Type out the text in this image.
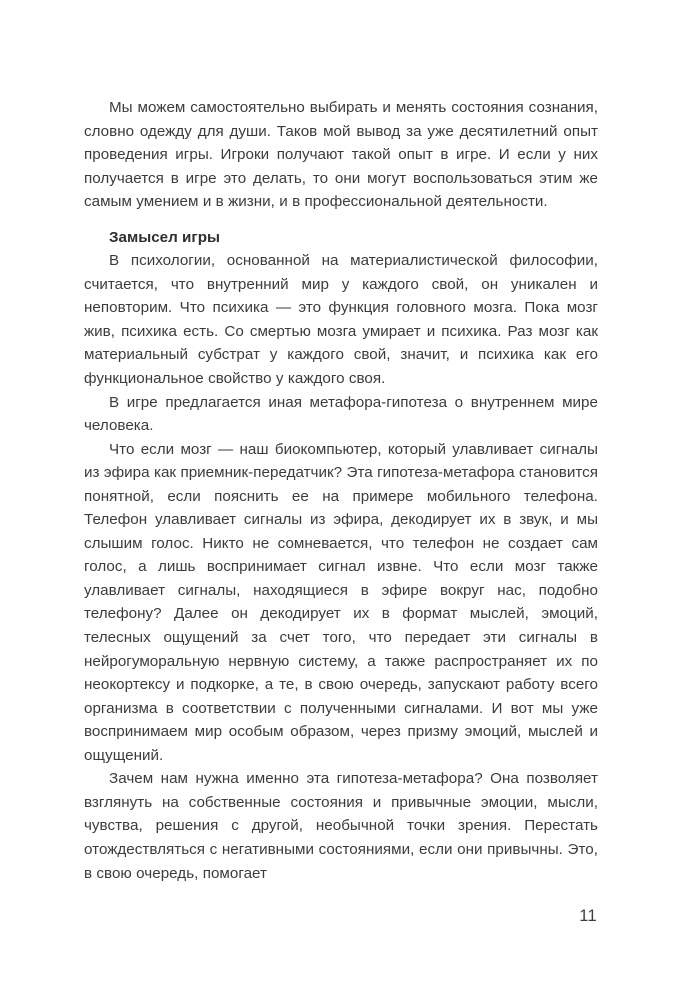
Мы можем самостоятельно выбирать и менять состояния сознания, словно одежду для души. Таков мой вывод за уже десятилетний опыт проведения игры. Игроки получают такой опыт в игре. И если у них получается в игре это делать, то они могут воспользоваться этим же самым умением и в жизни, и в профессиональной деятельности.

Замысел игры

В психологии, основанной на материалистической философии, считается, что внутренний мир у каждого свой, он уникален и неповторим. Что психика — это функция головного мозга. Пока мозг жив, психика есть. Со смертью мозга умирает и психика. Раз мозг как материальный субстрат у каждого свой, значит, и психика как его функциональное свойство у каждого своя.

В игре предлагается иная метафора-гипотеза о внутреннем мире человека.

Что если мозг — наш биокомпьютер, который улавливает сигналы из эфира как приемник-передатчик? Эта гипотеза-метафора становится понятной, если пояснить ее на примере мобильного телефона. Телефон улавливает сигналы из эфира, декодирует их в звук, и мы слышим голос. Никто не сомневается, что телефон не создает сам голос, а лишь воспринимает сигнал извне. Что если мозг также улавливает сигналы, находящиеся в эфире вокруг нас, подобно телефону? Далее он декодирует их в формат мыслей, эмоций, телесных ощущений за счет того, что передает эти сигналы в нейрогуморальную нервную систему, а также распространяет их по неокортексу и подкорке, а те, в свою очередь, запускают работу всего организма в соответствии с полученными сигналами. И вот мы уже воспринимаем мир особым образом, через призму эмоций, мыслей и ощущений.

Зачем нам нужна именно эта гипотеза-метафора? Она позволяет взглянуть на собственные состояния и привычные эмоции, мысли, чувства, решения с другой, необычной точки зрения. Перестать отождествляться с негативными состояниями, если они привычны. Это, в свою очередь, помогает

11
